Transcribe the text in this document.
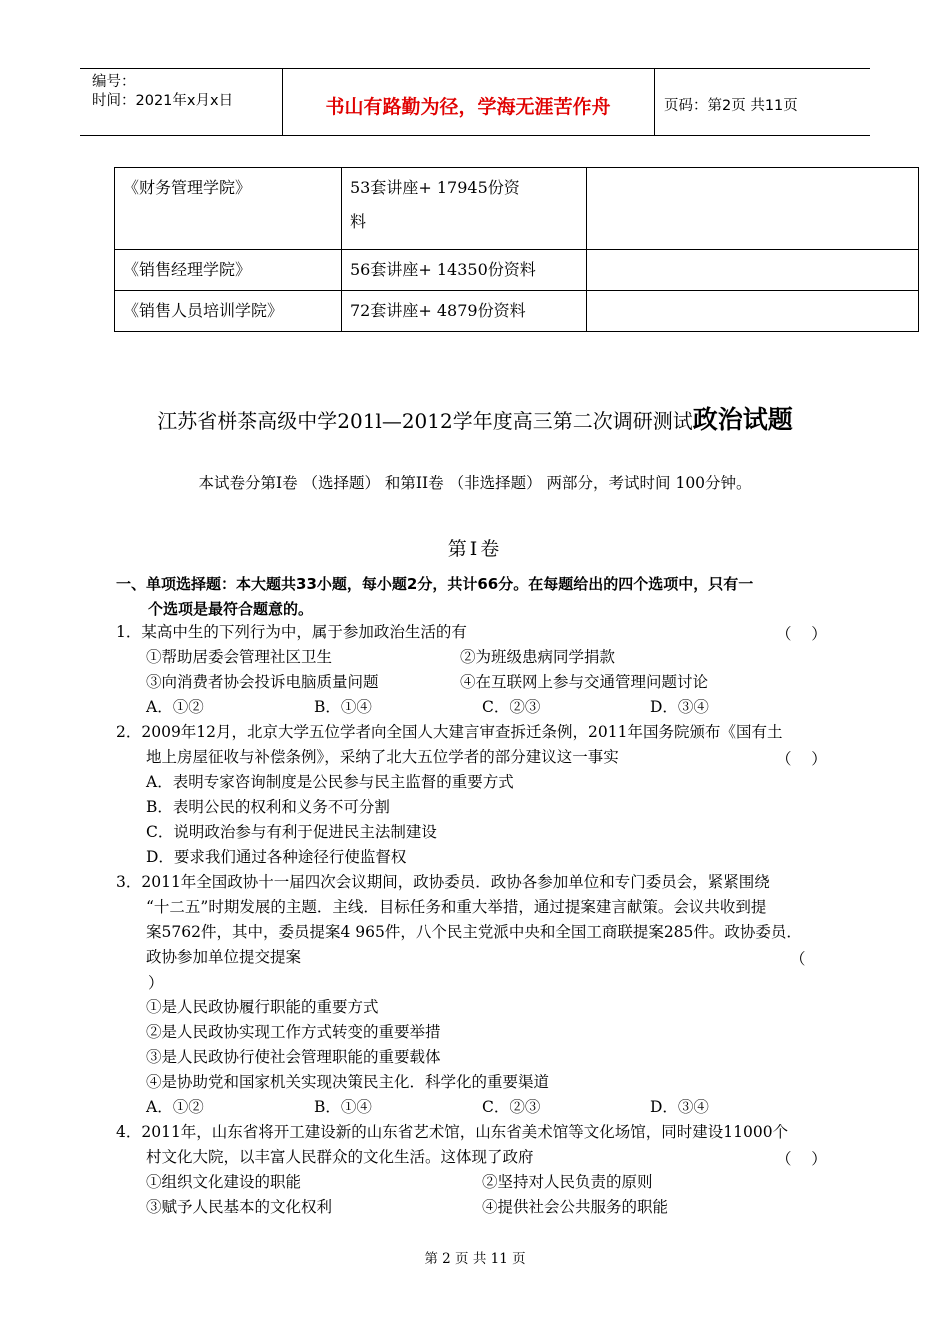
编号：
时间：2021年x月x日	书山有路勤为径，学海无涯苦作舟	页码：第2页 共11页
《财务管理学院》	53套讲座+ 17945份资
料	

《销售经理学院》	56套讲座+ 14350份资料	
《销售人员培训学院》	72套讲座+ 4879份资料	
江苏省栟茶高级中学201l—2012学年度高三第二次调研测试政治试题
本试卷分第Ⅰ卷 （选择题） 和第II卷 （非选择题） 两部分，考试时间 100分钟。
第Ⅰ卷
一、单项选择题：本大题共33小题，每小题2分，共计66分。在每题给出的四个选项中，只有一
个选项是最符合题意的。
1．某高中生的下列行为中，属于参加政治生活的有	（    ）
①帮助居委会管理社区卫生	②为班级患病同学捐款
③向消费者协会投诉电脑质量问题	④在互联网上参与交通管理问题讨论
A．①②	B．①④	C．②③	D．③④
2．2009年12月，北京大学五位学者向全国人大建言审查拆迁条例，2011年国务院颁布《国有土
地上房屋征收与补偿条例》，采纳了北大五位学者的部分建议这一事实	（    ）
A．表明专家咨询制度是公民参与民主监督的重要方式
B．表明公民的权利和义务不可分割
C．说明政治参与有利于促进民主法制建设
D．要求我们通过各种途径行使监督权
3．2011年全国政协十一届四次会议期间，政协委员．政协各参加单位和专门委员会，紧紧围绕
“十二五”时期发展的主题．主线．目标任务和重大举措，通过提案建言献策。会议共收到提
案5762件，其中，委员提案4 965件，八个民主党派中央和全国工商联提案285件。政协委员．
政协参加单位提交提案	（
）
①是人民政协履行职能的重要方式
②是人民政协实现工作方式转变的重要举措
③是人民政协行使社会管理职能的重要载体
④是协助党和国家机关实现决策民主化．科学化的重要渠道
A．①②	B．①④	C．②③	D．③④
4．2011年，山东省将开工建设新的山东省艺术馆，山东省美术馆等文化场馆，同时建设11000个
村文化大院，以丰富人民群众的文化生活。这体现了政府	（    ）
①组织文化建设的职能	②坚持对人民负责的原则
③赋予人民基本的文化权利	④提供社会公共服务的职能
第 2 页 共 11 页
